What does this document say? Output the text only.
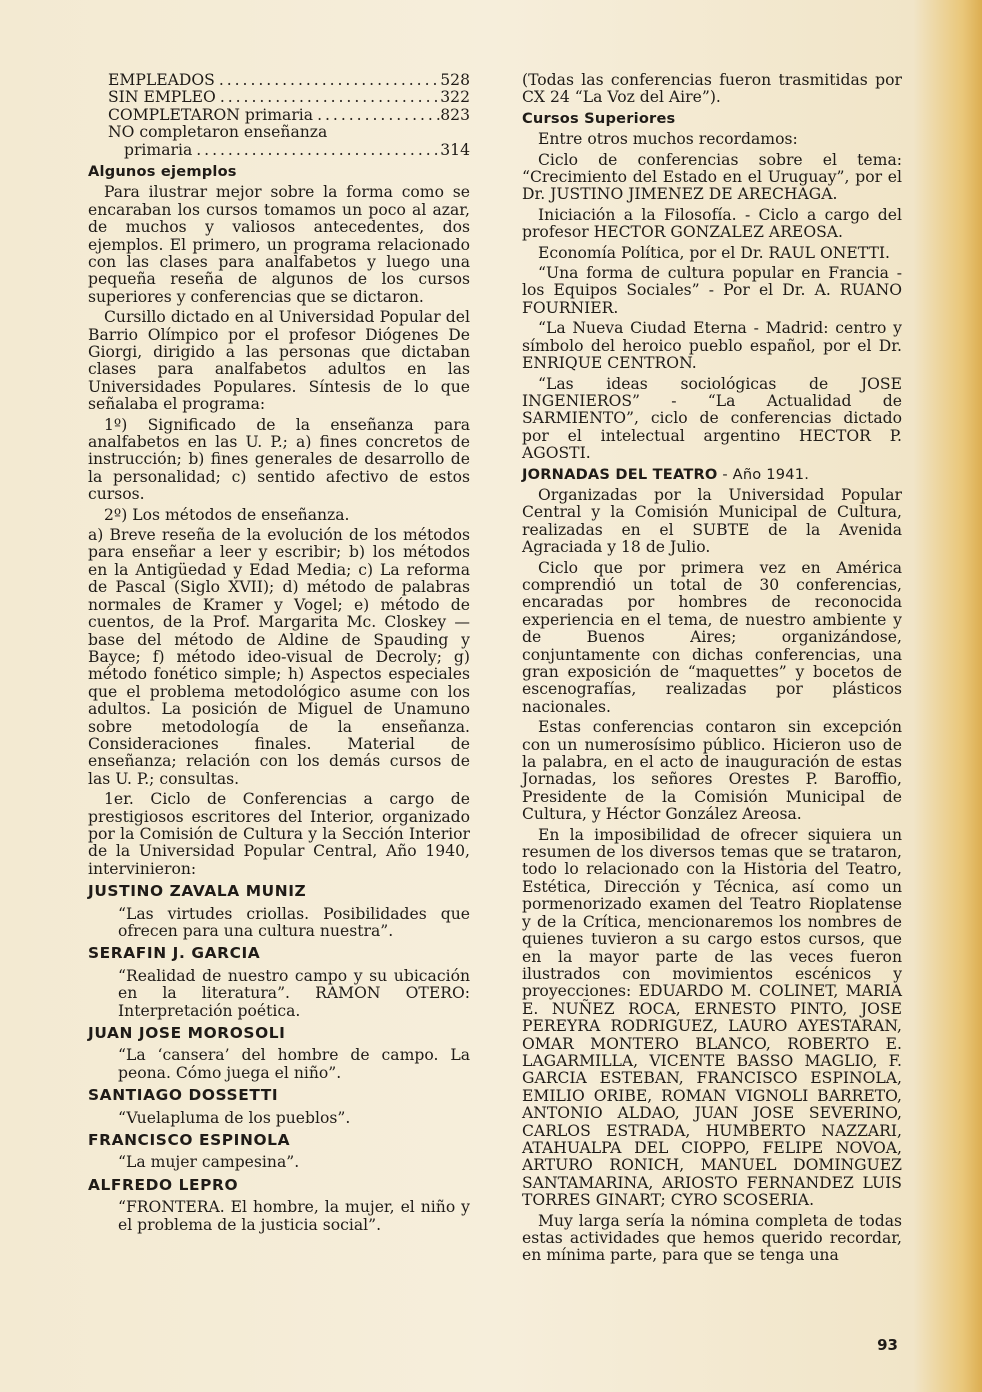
EMPLEADOS . . .	528
SIN EMPLEO . . .	322
COMPLETARON primaria . . .	823
NO completaron enseñanza
primaria . . .	314
Algunos ejemplos

Para ilustrar mejor sobre la forma como se encaraban los cursos tomamos un poco al azar, de muchos y valiosos antecedentes, dos ejemplos. El primero, un programa relacionado con las clases para analfabetos y luego una pequeña reseña de algunos de los cursos superiores y conferencias que se dictaron.

Cursillo dictado en al Universidad Popular del Barrio Olímpico por el profesor Diógenes De Giorgi, dirigido a las personas que dictaban clases para analfabetos adultos en las Universidades Populares. Síntesis de lo que señalaba el programa:

1º) Significado de la enseñanza para analfabetos en las U. P.; a) fines concretos de instrucción; b) fines generales de desarrollo de la personalidad; c) sentido afectivo de estos cursos.

2º) Los métodos de enseñanza.

a) Breve reseña de la evolución de los métodos para enseñar a leer y escribir; b) los métodos en la Antigüedad y Edad Media; c) La reforma de Pascal (Siglo XVII); d) método de palabras normales de Kramer y Vogel; e) método de cuentos, de la Prof. Margarita Mc. Closkey —base del método de Aldine de Spauding y Bayce; f) método ideo-visual de Decroly; g) método fonético simple; h) Aspectos especiales que el problema metodológico asume con los adultos. La posición de Miguel de Unamuno sobre metodología de la enseñanza. Consideraciones finales. Material de enseñanza; relación con los demás cursos de las U. P.; consultas.

1er. Ciclo de Conferencias a cargo de prestigiosos escritores del Interior, organizado por la Comisión de Cultura y la Sección Interior de la Universidad Popular Central, Año 1940, intervinieron:

JUSTINO ZAVALA MUNIZ

“Las virtudes criollas. Posibilidades que ofrecen para una cultura nuestra”.

SERAFIN J. GARCIA

“Realidad de nuestro campo y su ubicación en la literatura”. RAMON OTERO: Interpretación poética.

JUAN JOSE MOROSOLI

“La ‘cansera’ del hombre de campo. La peona. Cómo juega el niño”.

SANTIAGO DOSSETTI

“Vuelapluma de los pueblos”.

FRANCISCO ESPINOLA

“La mujer campesina”.

ALFREDO LEPRO

“FRONTERA. El hombre, la mujer, el niño y el problema de la justicia social”.

(Todas las conferencias fueron trasmitidas por CX 24 “La Voz del Aire”).

Cursos Superiores

Entre otros muchos recordamos:

Ciclo de conferencias sobre el tema: “Crecimiento del Estado en el Uruguay”, por el Dr. JUSTINO JIMENEZ DE ARECHAGA.

Iniciación a la Filosofía. - Ciclo a cargo del profesor HECTOR GONZALEZ AREOSA.

Economía Política, por el Dr. RAUL ONETTI.

“Una forma de cultura popular en Francia - los Equipos Sociales” - Por el Dr. A. RUANO FOURNIER.

“La Nueva Ciudad Eterna - Madrid: centro y símbolo del heroico pueblo español, por el Dr. ENRIQUE CENTRON.

“Las ideas sociológicas de JOSE INGENIEROS” - “La Actualidad de SARMIENTO”, ciclo de conferencias dictado por el intelectual argentino HECTOR P. AGOSTI.

JORNADAS DEL TEATRO - Año 1941.

Organizadas por la Universidad Popular Central y la Comisión Municipal de Cultura, realizadas en el SUBTE de la Avenida Agraciada y 18 de Julio.

Ciclo que por primera vez en América comprendió un total de 30 conferencias, encaradas por hombres de reconocida experiencia en el tema, de nuestro ambiente y de Buenos Aires; organizándose, conjuntamente con dichas conferencias, una gran exposición de “maquettes” y bocetos de escenografías, realizadas por plásticos nacionales.

Estas conferencias contaron sin excepción con un numerosísimo público. Hicieron uso de la palabra, en el acto de inauguración de estas Jornadas, los señores Orestes P. Baroffio, Presidente de la Comisión Municipal de Cultura, y Héctor González Areosa.

En la imposibilidad de ofrecer siquiera un resumen de los diversos temas que se trataron, todo lo relacionado con la Historia del Teatro, Estética, Dirección y Técnica, así como un pormenorizado examen del Teatro Rioplatense y de la Crítica, mencionaremos los nombres de quienes tuvieron a su cargo estos cursos, que en la mayor parte de las veces fueron ilustrados con movimientos escénicos y proyecciones: EDUARDO M. COLINET, MARIA E. NUÑEZ ROCA, ERNESTO PINTO, JOSE PEREYRA RODRIGUEZ, LAURO AYESTARAN, OMAR MONTERO BLANCO, ROBERTO E. LAGARMILLA, VICENTE BASSO MAGLIO, F. GARCIA ESTEBAN, FRANCISCO ESPINOLA, EMILIO ORIBE, ROMAN VIGNOLI BARRETO, ANTONIO ALDAO, JUAN JOSE SEVERINO, CARLOS ESTRADA, HUMBERTO NAZZARI, ATAHUALPA DEL CIOPPO, FELIPE NOVOA, ARTURO RONICH, MANUEL DOMINGUEZ SANTAMARINA, ARIOSTO FERNANDEZ LUIS TORRES GINART; CYRO SCOSERIA.

Muy larga sería la nómina completa de todas estas actividades que hemos querido recordar, en mínima parte, para que se tenga una

93
